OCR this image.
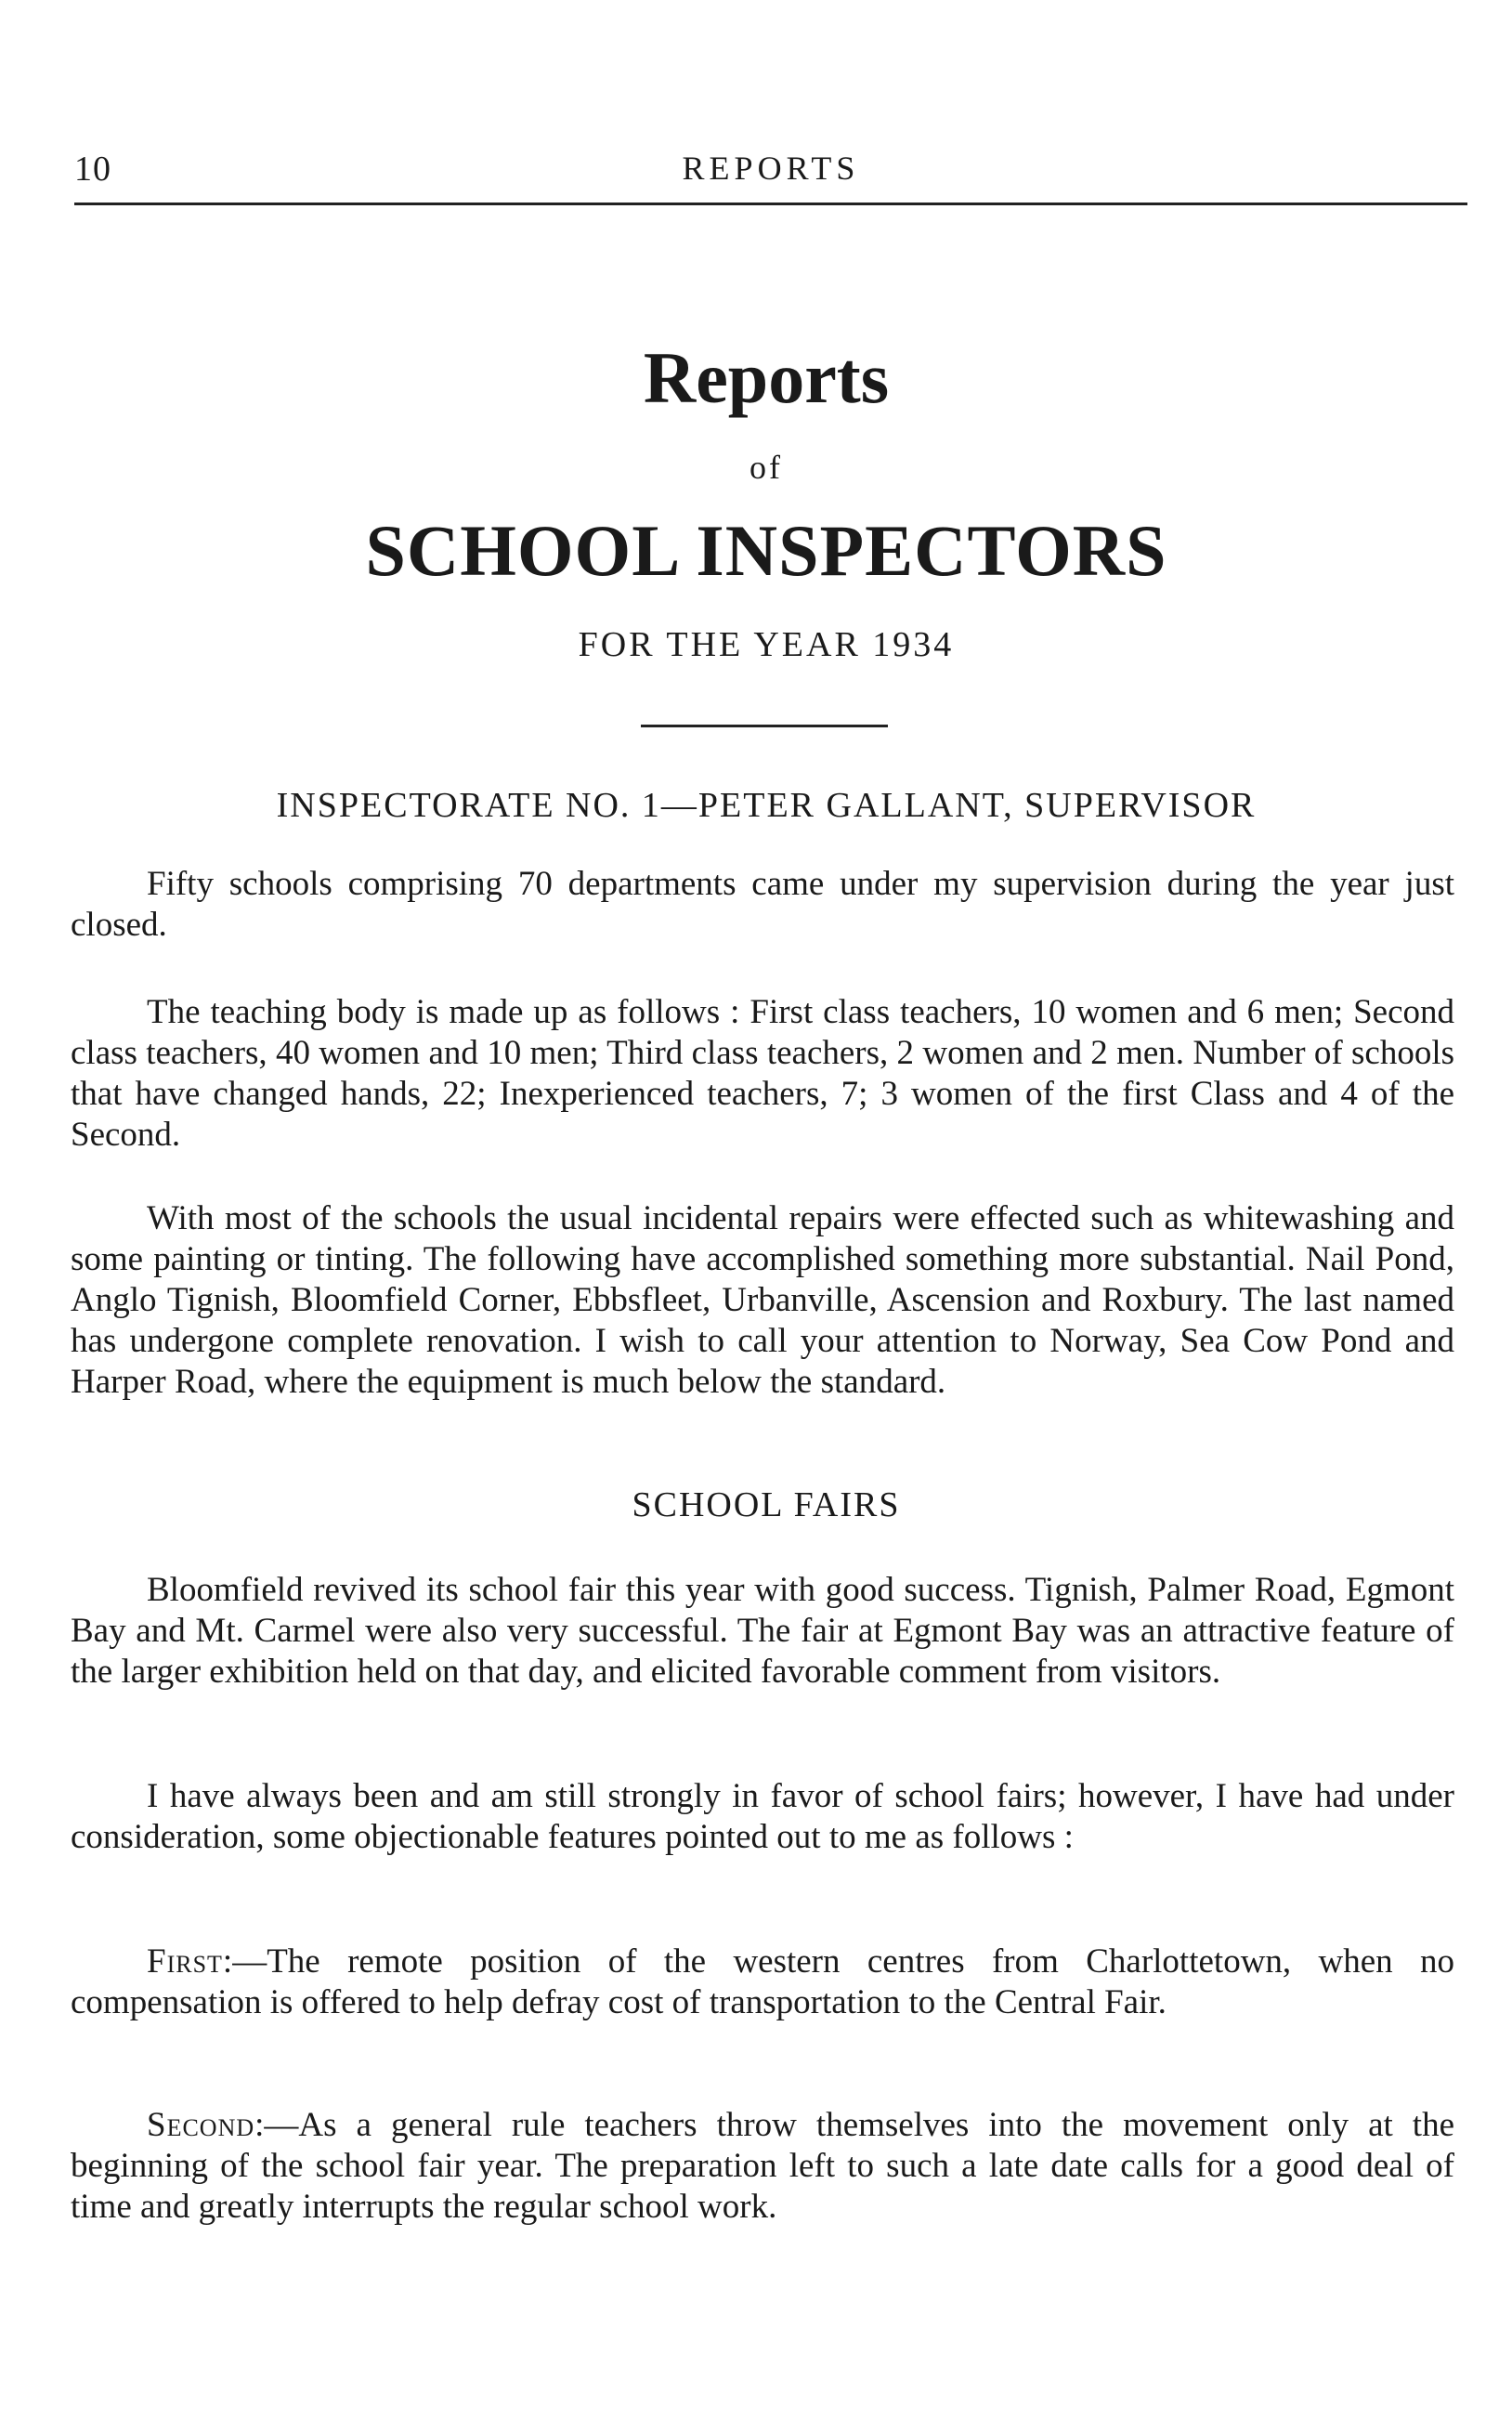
10	REPORTS
Reports
of
SCHOOL INSPECTORS
FOR THE YEAR 1934
INSPECTORATE NO. 1—PETER GALLANT, SUPERVISOR

Fifty schools comprising 70 departments came under my supervision during the year just closed.

The teaching body is made up as follows : First class teachers, 10 women and 6 men; Second class teachers, 40 women and 10 men; Third class teachers, 2 women and 2 men. Number of schools that have changed hands, 22; Inexperienced teachers, 7; 3 women of the first Class and 4 of the Second.

With most of the schools the usual incidental repairs were effected such as whitewashing and some painting or tinting. The following have accomplished something more substantial. Nail Pond, Anglo Tignish, Bloomfield Corner, Ebbsfleet, Urbanville, Ascension and Roxbury. The last named has undergone complete renovation. I wish to call your attention to Norway, Sea Cow Pond and Harper Road, where the equipment is much below the standard.

SCHOOL FAIRS

Bloomfield revived its school fair this year with good success. Tignish, Palmer Road, Egmont Bay and Mt. Carmel were also very successful. The fair at Egmont Bay was an attractive feature of the larger exhibition held on that day, and elicited favorable comment from visitors.

I have always been and am still strongly in favor of school fairs; however, I have had under consideration, some objectionable features pointed out to me as follows :

First:—The remote position of the western centres from Charlottetown, when no compensation is offered to help defray cost of transportation to the Central Fair.

Second:—As a general rule teachers throw themselves into the movement only at the beginning of the school fair year. The preparation left to such a late date calls for a good deal of time and greatly interrupts the regular school work.
